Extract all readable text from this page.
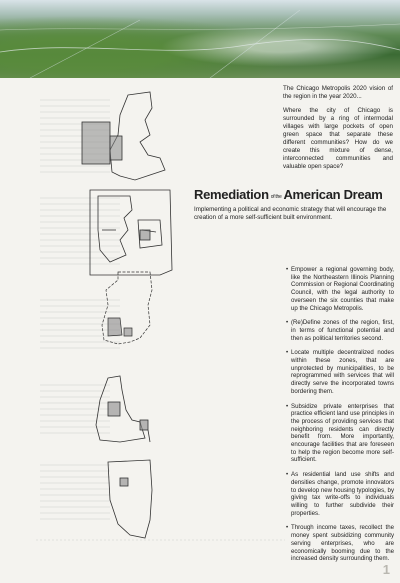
The Chicago Metropolis 2020 vision of the region in the year 2020...

Where the city of Chicago is surrounded by a ring of intermodal villages with large pockets of open green space that separate these different communities? How do we create this mixture of dense, interconnected communities and valuable open space?

Remediation of the American Dream

Implementing a political and economic strategy that will encourage the creation of a more self-sufficient built environment.

• Empower a regional governing body, like the Northeastern Illinois Planning Commission or Regional Coordinating Council, with the legal authority to overseen the six counties that make up the Chicago Metropolis.
• (Re)Define zones of the region, first, in terms of functional potential and then as political territories second.
• Locate multiple decentralized nodes within these zones, that are unprotected by municipalities, to be reprogrammed with services that will directly serve the incorporated towns bordering them.
• Subsidize private enterprises that practice efficient land use principles in the process of providing services that neighboring residents can directly benefit from. More importantly, encourage facilities that are foreseen to help the region become more self-sufficient.
• As residential land use shifts and densities change, promote innovators to develop new housing typologies, by giving tax write-offs to individuals willing to further subdivide their properties.
• Through income taxes, recollect the money spent subsidizing community serving enterprises, who are economically booming due to the increased density surrounding them.
1
